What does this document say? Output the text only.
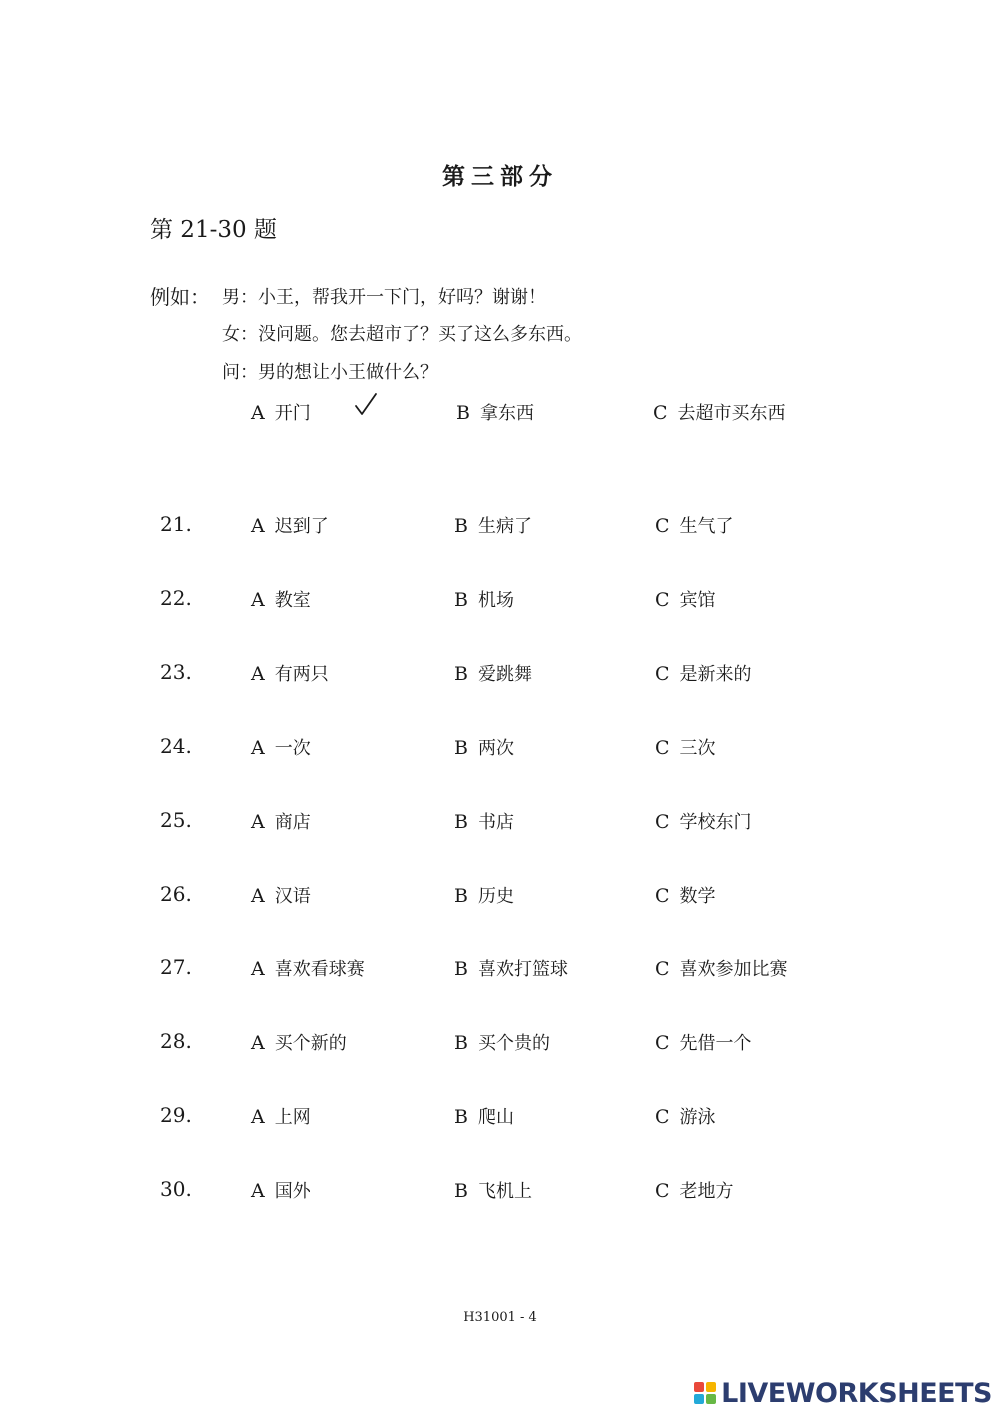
第三部分
第 21-30 题
例如： 男：小王，帮我开一下门，好吗？谢谢！
女：没问题。您去超市了？买了这么多东西。
问：男的想让小王做什么？
A 开门	B 拿东西	C 去超市买东西
21.	A 迟到了	B 生病了	C 生气了
22.	A 教室	B 机场	C 宾馆
23.	A 有两只	B 爱跳舞	C 是新来的
24.	A 一次	B 两次	C 三次
25.	A 商店	B 书店	C 学校东门
26.	A 汉语	B 历史	C 数学
27.	A 喜欢看球赛	B 喜欢打篮球	C 喜欢参加比赛
28.	A 买个新的	B 买个贵的	C 先借一个
29.	A 上网	B 爬山	C 游泳
30.	A 国外	B 飞机上	C 老地方
H31001 - 4
LIVEWORKSHEETS
